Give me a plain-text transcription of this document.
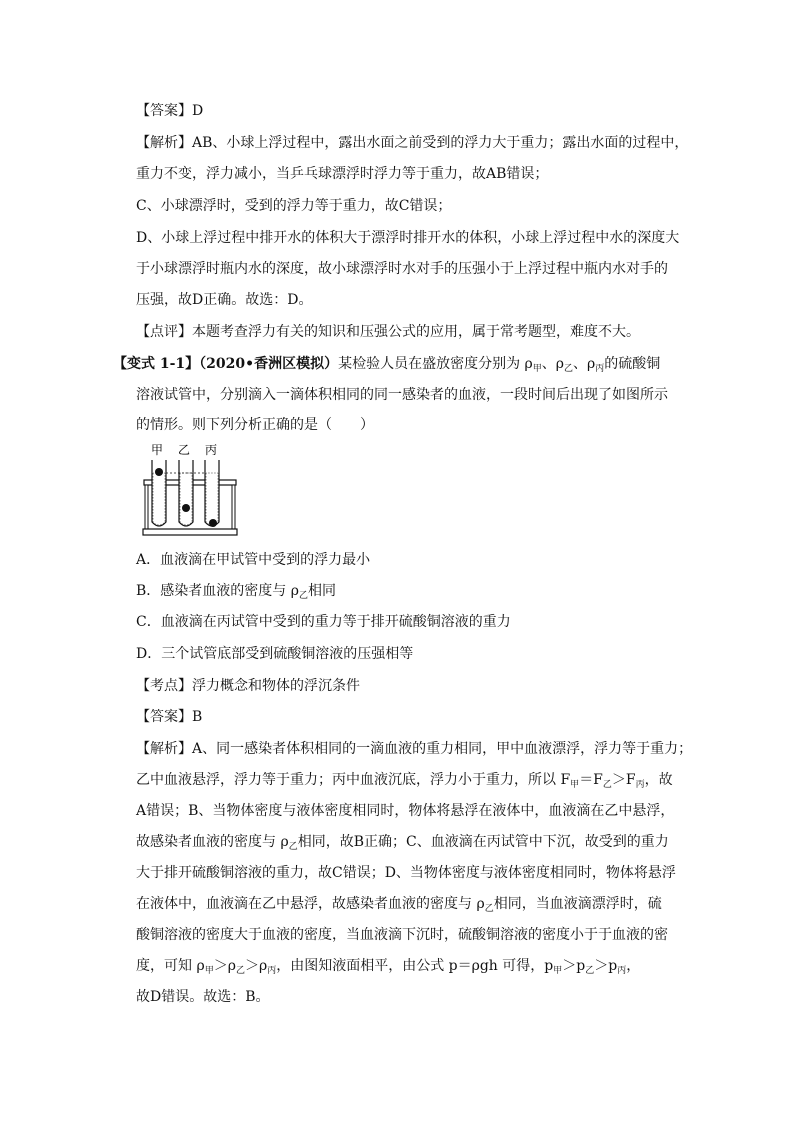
【答案】D
【解析】AB、小球上浮过程中，露出水面之前受到的浮力大于重力；露出水面的过程中，
重力不变，浮力减小，当乒乓球漂浮时浮力等于重力，故AB错误；
C、小球漂浮时，受到的浮力等于重力，故C错误；
D、小球上浮过程中排开水的体积大于漂浮时排开水的体积，小球上浮过程中水的深度大
于小球漂浮时瓶内水的深度，故小球漂浮时水对手的压强小于上浮过程中瓶内水对手的
压强，故D正确。故选：D。
【点评】本题考查浮力有关的知识和压强公式的应用，属于常考题型，难度不大。
【变式 1-1】（2020•香洲区模拟）某检验人员在盛放密度分别为 $\rho_甲$、$\rho_乙$、$\rho_丙$的硫酸铜
溶液试管中，分别滴入一滴体积相同的同一感染者的血液，一段时间后出现了如图所示
的情形。则下列分析正确的是（　　）
甲 乙 丙
A．血液滴在甲试管中受到的浮力最小
B．感染者血液的密度与 $\rho_乙$相同
C．血液滴在丙试管中受到的重力等于排开硫酸铜溶液的重力
D．三个试管底部受到硫酸铜溶液的压强相等
【考点】浮力概念和物体的浮沉条件
【答案】B
【解析】A、同一感染者体积相同的一滴血液的重力相同，甲中血液漂浮，浮力等于重力；
乙中血液悬浮，浮力等于重力；丙中血液沉底，浮力小于重力，所以 $F_甲=F_乙>F_丙$，故
A错误；B、当物体密度与液体密度相同时，物体将悬浮在液体中，血液滴在乙中悬浮，
故感染者血液的密度与 $\rho_乙$相同，故B正确；C、血液滴在丙试管中下沉，故受到的重力
大于排开硫酸铜溶液的重力，故C错误；D、当物体密度与液体密度相同时，物体将悬浮
在液体中，血液滴在乙中悬浮，故感染者血液的密度与 $\rho_乙$相同，当血液滴漂浮时，硫
酸铜溶液的密度大于血液的密度，当血液滴下沉时，硫酸铜溶液的密度小于于血液的密
度，可知 $\rho_甲>\rho_乙>\rho_丙$，由图知液面相平，由公式 p＝ρgh 可得，$p_甲>p_乙>p_丙$，
故D错误。故选：B。
